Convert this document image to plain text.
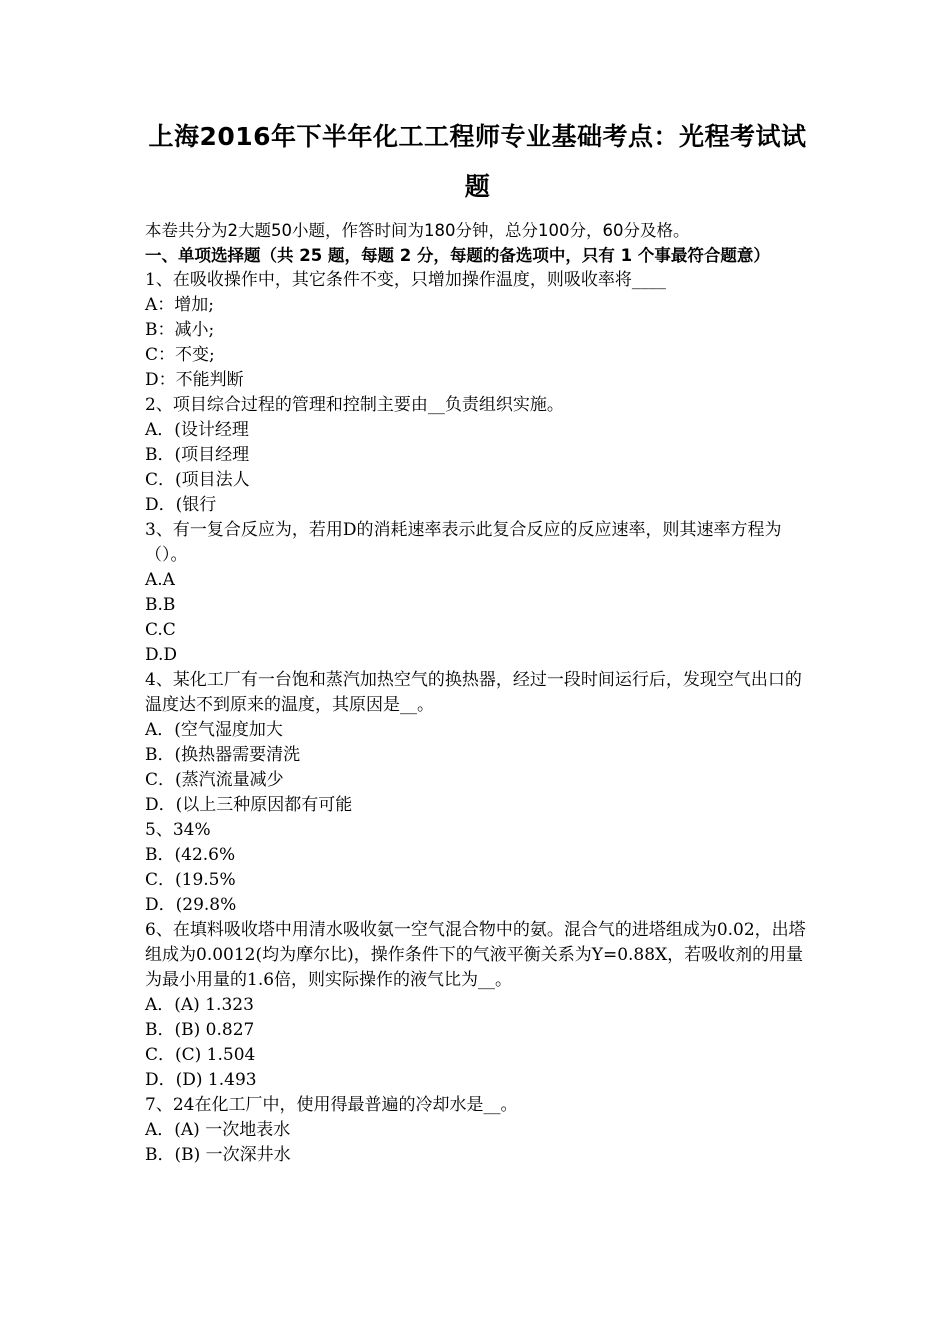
上海2016年下半年化工工程师专业基础考点：光程考试试
题
本卷共分为2大题50小题，作答时间为180分钟，总分100分，60分及格。
一、单项选择题（共 25 题，每题 2 分，每题的备选项中，只有 1 个事最符合题意）
1、在吸收操作中，其它条件不变，只增加操作温度，则吸收率将____
A：增加;
B：减小;
C：不变;
D：不能判断
2、项目综合过程的管理和控制主要由__负责组织实施。
A．(设计经理
B．(项目经理
C．(项目法人
D．(银行
3、有一复合反应为，若用D的消耗速率表示此复合反应的反应速率，则其速率方程为（）。
A.A
B.B
C.C
D.D
4、某化工厂有一台饱和蒸汽加热空气的换热器，经过一段时间运行后，发现空气出口的温度达不到原来的温度，其原因是__。
A．(空气湿度加大
B．(换热器需要清洗
C．(蒸汽流量减少
D．(以上三种原因都有可能
5、34%
B．(42.6%
C．(19.5%
D．(29.8%
6、在填料吸收塔中用清水吸收氨一空气混合物中的氨。混合气的进塔组成为0.02，出塔组成为0.0012(均为摩尔比)，操作条件下的气液平衡关系为Y=0.88X，若吸收剂的用量为最小用量的1.6倍，则实际操作的液气比为__。
A．(A) 1.323
B．(B) 0.827
C．(C) 1.504
D．(D) 1.493
7、24在化工厂中，使用得最普遍的冷却水是__。
A．(A) 一次地表水
B．(B) 一次深井水
